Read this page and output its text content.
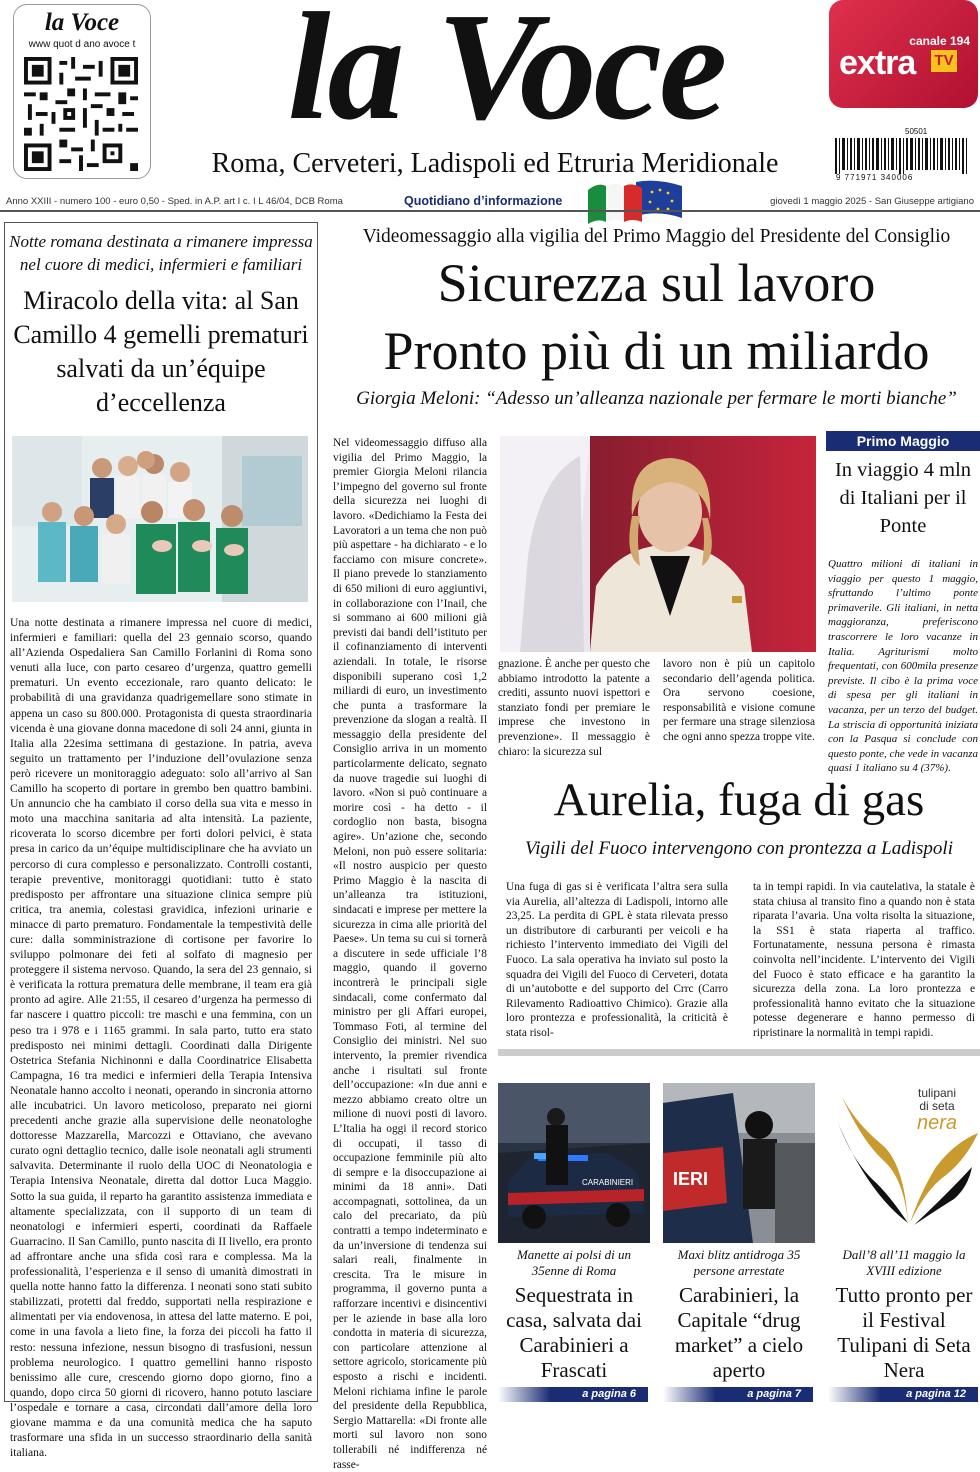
la Voce
www quot d ano avoce t la Voce
Roma, Cerveteri, Ladispoli ed Etruria Meridionale
canale 194
extra TV
50501
9 771971 340006
Anno XXIII - numero 100 - euro 0,50 - Sped. in A.P. art I c. I L 46/04, DCB Roma	Quotidiano d’informazione	giovedì 1 maggio 2025 - San Giuseppe artigiano
Notte romana destinata a rimanere impressa nel cuore di medici, infermieri e familiari
Miracolo della vita: al San Camillo 4 gemelli prematuri salvati da un’équipe d’eccellenza
Una notte destinata a rimanere impressa nel cuore di medici, infermieri e familiari: quella del 23 gennaio scorso, quando all’Azienda Ospedaliera San Camillo Forlanini di Roma sono venuti alla luce, con parto cesareo d’urgenza, quattro gemelli prematuri. Un evento eccezionale, raro quanto delicato: le probabilità di una gravidanza quadrigemellare sono stimate in appena un caso su 800.000. Protagonista di questa straordinaria vicenda è una giovane donna macedone di soli 24 anni, giunta in Italia alla 22esima settimana di gestazione. In patria, aveva seguito un trattamento per l’induzione dell’ovulazione senza però ricevere un monitoraggio adeguato: solo all’arrivo al San Camillo ha scoperto di portare in grembo ben quattro bambini. Un annuncio che ha cambiato il corso della sua vita e messo in moto una macchina sanitaria ad alta intensità. La paziente, ricoverata lo scorso dicembre per forti dolori pelvici, è stata presa in carico da un’équipe multidisciplinare che ha avviato un percorso di cura complesso e personalizzato. Controlli costanti, terapie preventive, monitoraggi quotidiani: tutto è stato predisposto per affrontare una situazione clinica sempre più critica, tra anemia, colestasi gravidica, infezioni urinarie e minacce di parto prematuro. Fondamentale la tempestività delle cure: dalla somministrazione di cortisone per favorire lo sviluppo polmonare dei feti al solfato di magnesio per proteggere il sistema nervoso. Quando, la sera del 23 gennaio, si è verificata la rottura prematura delle membrane, il team era già pronto ad agire. Alle 21:55, il cesareo d’urgenza ha permesso di far nascere i quattro piccoli: tre maschi e una femmina, con un peso tra i 978 e i 1165 grammi. In sala parto, tutto era stato predisposto nei minimi dettagli. Coordinati dalla Dirigente Ostetrica Stefania Nichinonni e dalla Coordinatrice Elisabetta Campagna, 16 tra medici e infermieri della Terapia Intensiva Neonatale hanno accolto i neonati, operando in sincronia attorno alle incubatrici. Un lavoro meticoloso, preparato nei giorni precedenti anche grazie alla supervisione delle neonatologhe dottoresse Mazzarella, Marcozzi e Ottaviano, che avevano curato ogni dettaglio tecnico, dalle isole neonatali agli strumenti salvavita. Determinante il ruolo della UOC di Neonatologia e Terapia Intensiva Neonatale, diretta dal dottor Luca Maggio. Sotto la sua guida, il reparto ha garantito assistenza immediata e altamente specializzata, con il supporto di un team di neonatologi e infermieri esperti, coordinati da Raffaele Guarracino. Il San Camillo, punto nascita di II livello, era pronto ad affrontare anche una sfida così rara e complessa. Ma la professionalità, l’esperienza e il senso di umanità dimostrati in quella notte hanno fatto la differenza. I neonati sono stati subito stabilizzati, protetti dal freddo, supportati nella respirazione e alimentati per via endovenosa, in attesa del latte materno. E poi, come in una favola a lieto fine, la forza dei piccoli ha fatto il resto: nessuna infezione, nessun bisogno di trasfusioni, nessun problema neurologico. I quattro gemellini hanno risposto benissimo alle cure, crescendo giorno dopo giorno, fino a quando, dopo circa 50 giorni di ricovero, hanno potuto lasciare l’ospedale e tornare a casa, circondati dall’amore della loro giovane mamma e da una comunità medica che ha saputo trasformare una sfida in un successo straordinario della sanità italiana.
Videomessaggio alla vigilia del Primo Maggio del Presidente del Consiglio
Sicurezza sul lavoro
Pronto più di un miliardo
Giorgia Meloni: “Adesso un’alleanza nazionale per fermare le morti bianche”
Nel videomessaggio diffuso alla vigilia del Primo Maggio, la premier Giorgia Meloni rilancia l’impegno del governo sul fronte della sicurezza nei luoghi di lavoro. «Dedichiamo la Festa dei Lavoratori a un tema che non può più aspettare - ha dichiarato - e lo facciamo con misure concrete». Il piano prevede lo stanziamento di 650 milioni di euro aggiuntivi, in collaborazione con l’Inail, che si sommano ai 600 milioni già previsti dai bandi dell’istituto per il cofinanziamento di interventi aziendali. In totale, le risorse disponibili superano così 1,2 miliardi di euro, un investimento che punta a trasformare la prevenzione da slogan a realtà. Il messaggio della presidente del Consiglio arriva in un momento particolarmente delicato, segnato da nuove tragedie sui luoghi di lavoro. «Non si può continuare a morire così - ha detto - il cordoglio non basta, bisogna agire». Un’azione che, secondo Meloni, non può essere solitaria: «Il nostro auspicio per questo Primo Maggio è la nascita di un’alleanza tra istituzioni, sindacati e imprese per mettere la sicurezza in cima alle priorità del Paese». Un tema su cui si tornerà a discutere in sede ufficiale l’8 maggio, quando il governo incontrerà le principali sigle sindacali, come confermato dal ministro per gli Affari europei, Tommaso Foti, al termine del Consiglio dei ministri. Nel suo intervento, la premier rivendica anche i risultati sul fronte dell’occupazione: «In due anni e mezzo abbiamo creato oltre un milione di nuovi posti di lavoro. L’Italia ha oggi il record storico di occupati, il tasso di occupazione femminile più alto di sempre e la disoccupazione ai minimi da 18 anni». Dati accompagnati, sottolinea, da un calo del precariato, da più contratti a tempo indeterminato e da un’inversione di tendenza sui salari reali, finalmente in crescita. Tra le misure in programma, il governo punta a rafforzare incentivi e disincentivi per le aziende in base alla loro condotta in materia di sicurezza, con particolare attenzione al settore agricolo, storicamente più esposto a rischi e incidenti. Meloni richiama infine le parole del presidente della Repubblica, Sergio Mattarella: «Di fronte alle morti sul lavoro non sono tollerabili né indifferenza né rasse-
gnazione. È anche per questo che abbiamo introdotto la patente a crediti, assunto nuovi ispettori e stanziato fondi per premiare le imprese che investono in prevenzione». Il messaggio è chiaro: la sicurezza sul
lavoro non è più un capitolo secondario dell’agenda politica. Ora servono coesione, responsabilità e visione comune per fermare una strage silenziosa che ogni anno spezza troppe vite.
Primo Maggio
In viaggio 4 mln di Italiani per il Ponte
Quattro milioni di italiani in viaggio per questo 1 maggio, sfruttando l’ultimo ponte primaverile. Gli italiani, in netta maggioranza, preferiscono trascorrere le loro vacanze in Italia. Agriturismi molto frequentati, con 600mila presenze previste. Il cibo è la prima voce di spesa per gli italiani in vacanza, per un terzo del budget. La striscia di opportunità iniziata con la Pasqua si conclude con questo ponte, che vede in vacanza quasi 1 italiano su 4 (37%).
Aurelia, fuga di gas
Vigili del Fuoco intervengono con prontezza a Ladispoli
Una fuga di gas si è verificata l’altra sera sulla via Aurelia, all’altezza di Ladispoli, intorno alle 23,25. La perdita di GPL è stata rilevata presso un distributore di carburanti per veicoli e ha richiesto l’intervento immediato dei Vigili del Fuoco. La sala operativa ha inviato sul posto la squadra dei Vigili del Fuoco di Cerveteri, dotata di un’autobotte e del supporto del Crrc (Carro Rilevamento Radioattivo Chimico). Grazie alla loro prontezza e professionalità, la criticità è stata risol-
ta in tempi rapidi. In via cautelativa, la statale è stata chiusa al transito fino a quando non è stata riparata l’avaria. Una volta risolta la situazione, la SS1 è stata riaperta al traffico. Fortunatamente, nessuna persona è rimasta coinvolta nell’incidente. L’intervento dei Vigili del Fuoco è stato efficace e ha garantito la sicurezza della zona. La loro prontezza e professionalità hanno evitato che la situazione potesse degenerare e hanno permesso di ripristinare la normalità in tempi rapidi.
CARABINIERI IERI
tulipani
di seta
nera
Manette ai polsi di un 35enne di Roma
Sequestrata in casa, salvata dai Carabinieri a Frascati
a pagina 6
Maxi blitz antidroga 35 persone arrestate
Carabinieri, la Capitale “drug market” a cielo aperto
a pagina 7
Dall’8 all’11 maggio la XVIII edizione
Tutto pronto per il Festival Tulipani di Seta Nera
a pagina 12
